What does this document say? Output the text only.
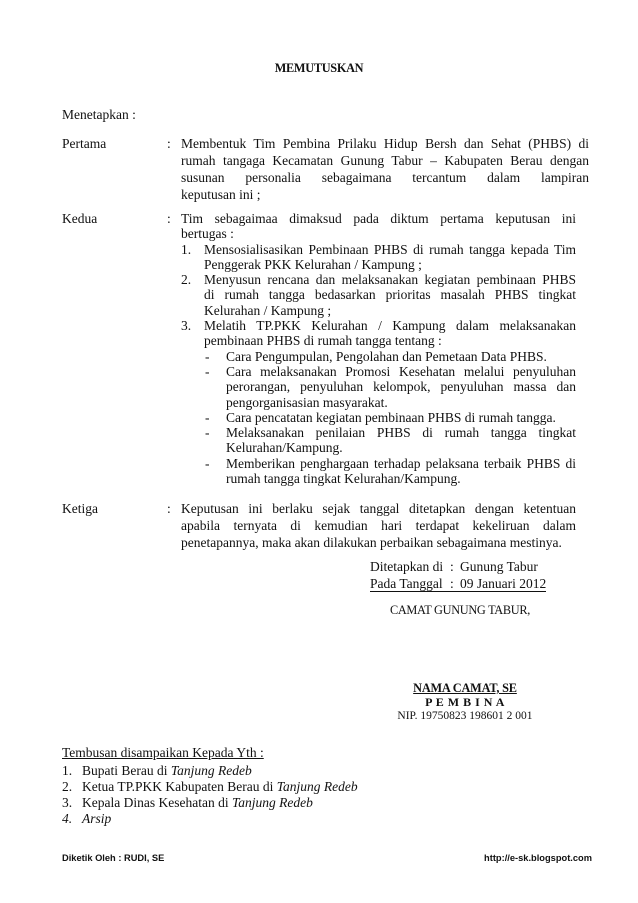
MEMUTUSKAN
Menetapkan :
Pertama	: Membentuk Tim Pembina Prilaku Hidup Bersh dan Sehat (PHBS) di
rumah tangaga Kecamatan Gunung Tabur – Kabupaten Berau dengan
susunan personalia sebagaimana tercantum dalam lampiran
keputusan ini ;
Kedua	: Tim sebagaimaa dimaksud pada diktum pertama keputusan ini
bertugas :
1. Mensosialisasikan Pembinaan PHBS di rumah tangga kepada Tim
Penggerak PKK Kelurahan / Kampung ;
2. Menyusun rencana dan melaksanakan kegiatan pembinaan PHBS
di rumah tangga bedasarkan prioritas masalah PHBS tingkat
Kelurahan / Kampung ;
3. Melatih TP.PKK Kelurahan / Kampung dalam melaksanakan
pembinaan PHBS di rumah tangga tentang :
- Cara Pengumpulan, Pengolahan dan Pemetaan Data PHBS.
- Cara melaksanakan Promosi Kesehatan melalui penyuluhan
perorangan, penyuluhan kelompok, penyuluhan massa dan
pengorganisasian masyarakat.
- Cara pencatatan kegiatan pembinaan PHBS di rumah tangga.
- Melaksanakan penilaian PHBS di rumah tangga tingkat
Kelurahan/Kampung.
- Memberikan penghargaan terhadap pelaksana terbaik PHBS di
rumah tangga tingkat Kelurahan/Kampung.
Ketiga	: Keputusan ini berlaku sejak tanggal ditetapkan dengan ketentuan
apabila ternyata di kemudian hari terdapat kekeliruan dalam
penetapannya, maka akan dilakukan perbaikan sebagaimana mestinya.
Ditetapkan di : Gunung Tabur
Pada Tanggal : 09 Januari 2012
CAMAT GUNUNG TABUR,
NAMA CAMAT, SE
P E M B I N A
NIP. 19750823 198601 2 001
Tembusan disampaikan Kepada Yth :
1. Bupati Berau di Tanjung Redeb
2. Ketua TP.PKK Kabupaten Berau di Tanjung Redeb
3. Kepala Dinas Kesehatan di Tanjung Redeb
4. Arsip
Diketik Oleh : RUDI, SE	http://e-sk.blogspot.com
